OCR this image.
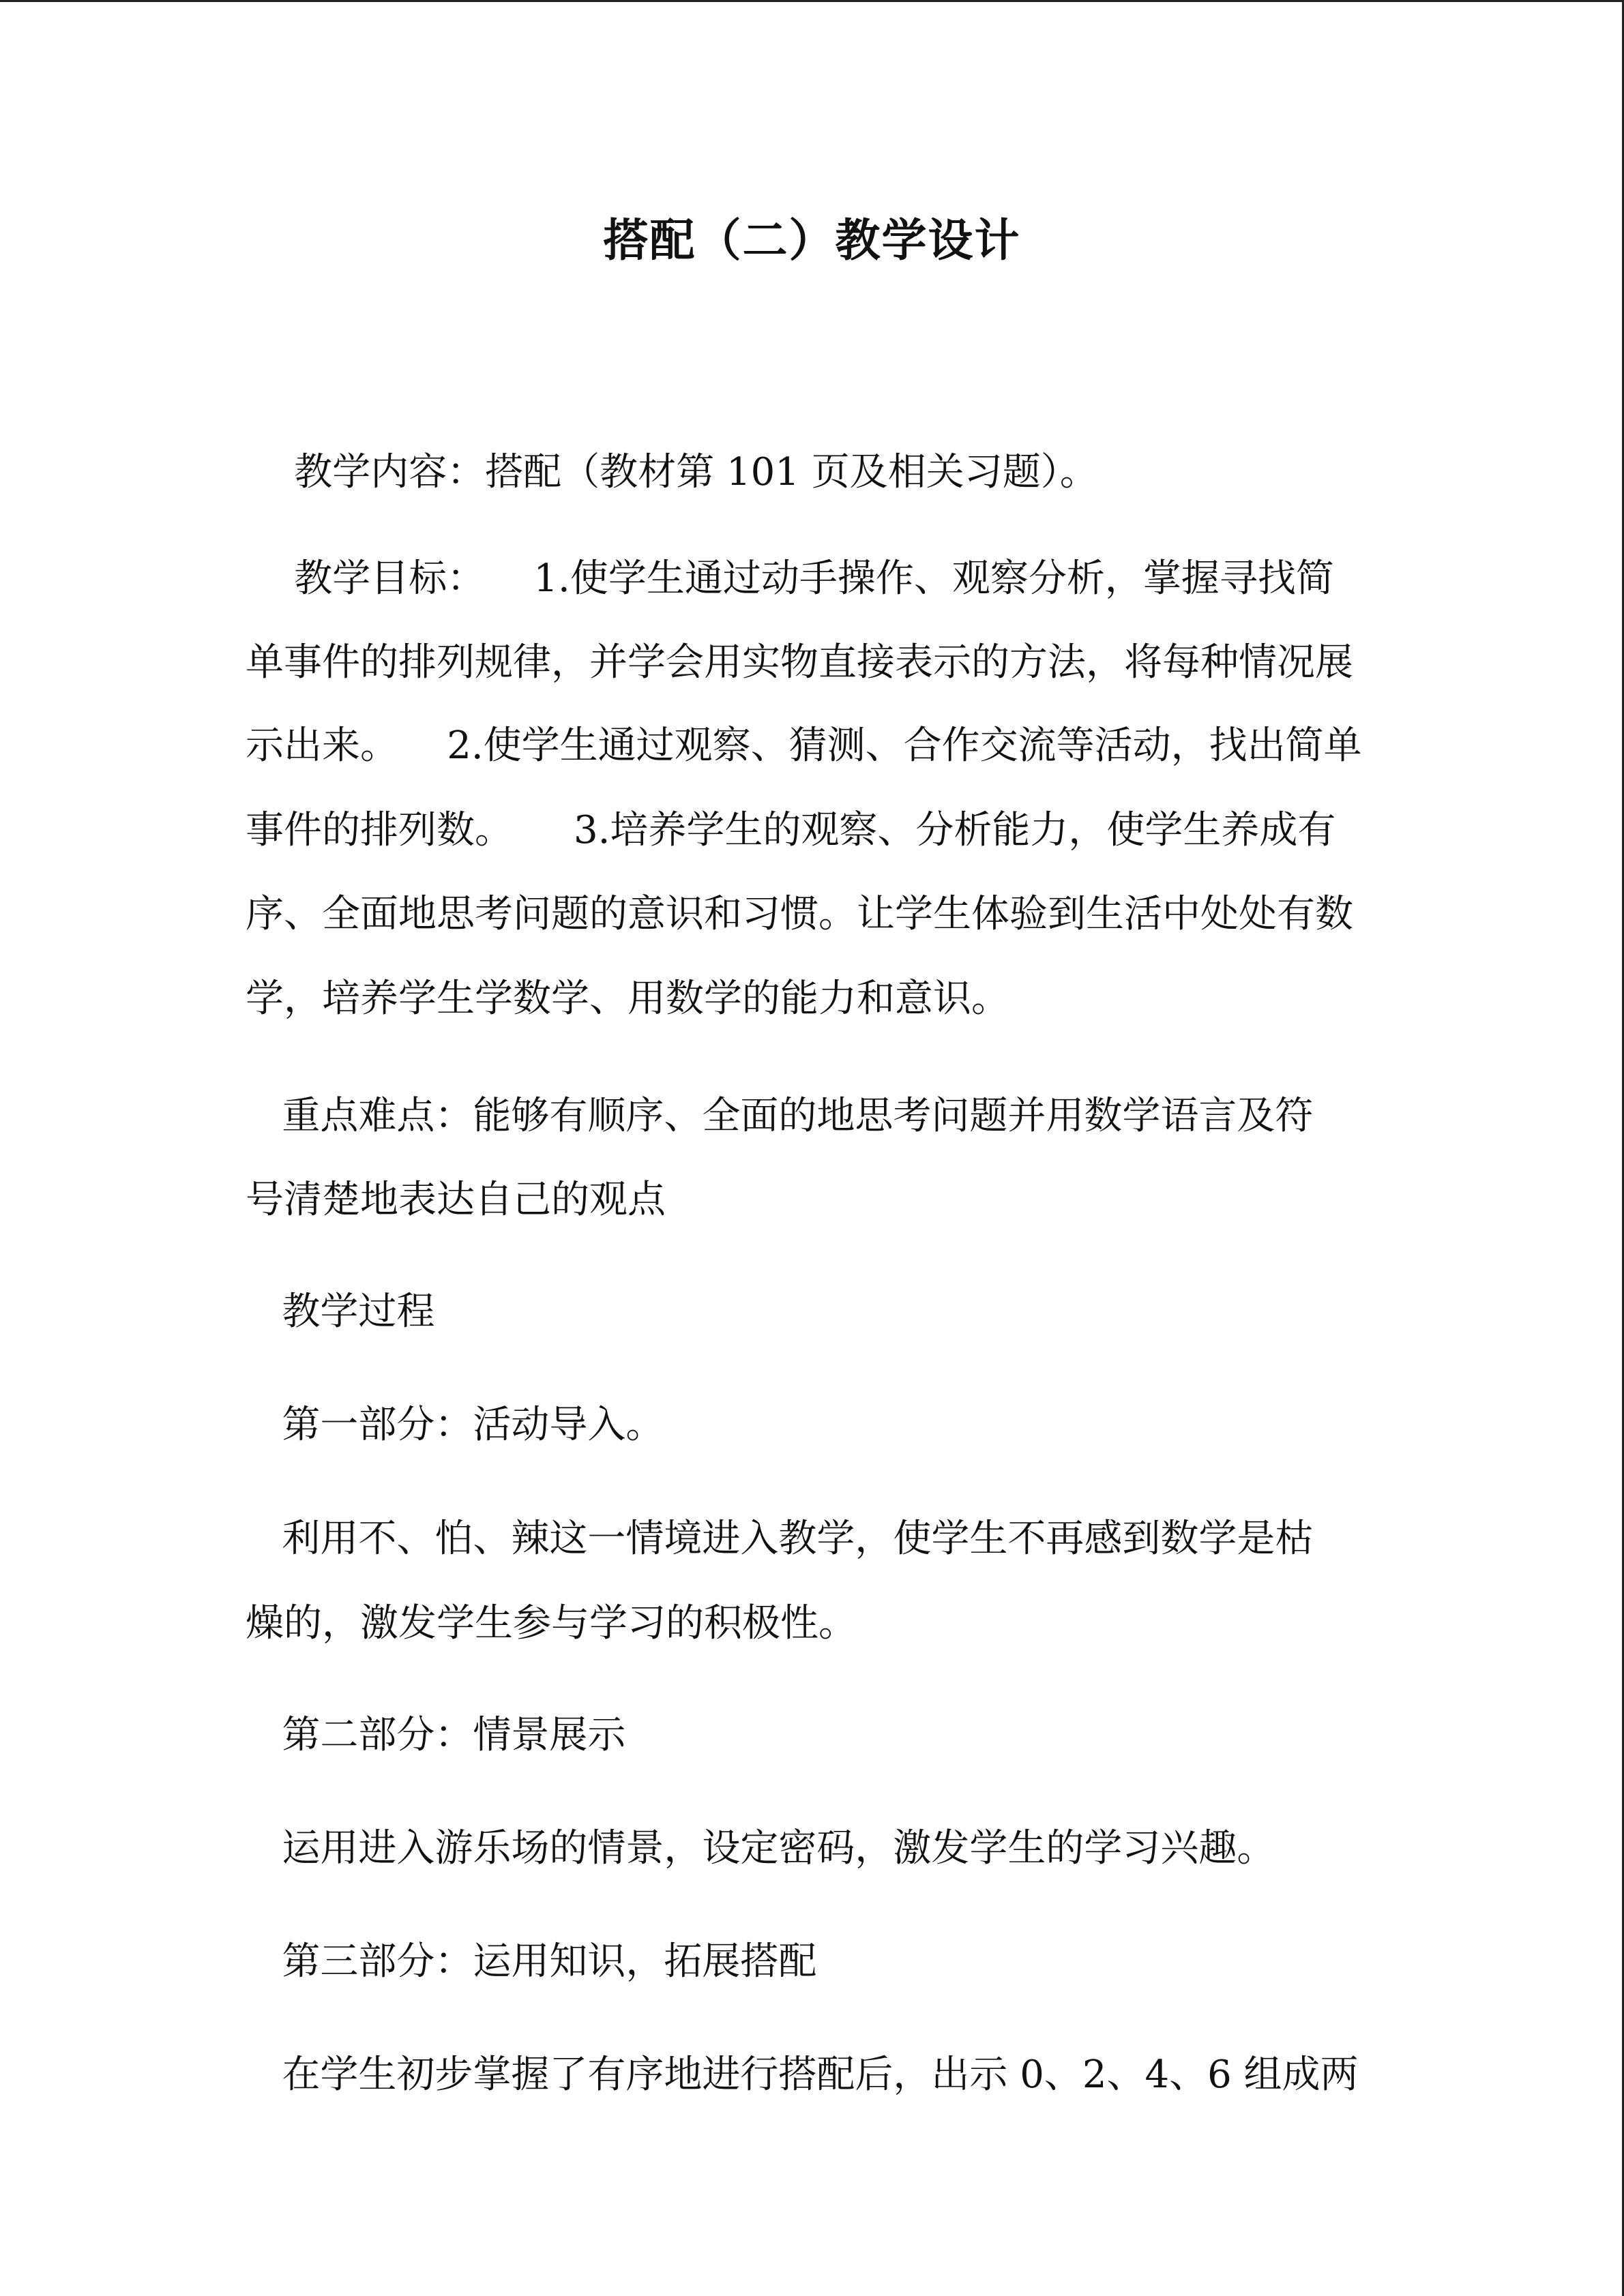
搭配（二）教学设计
教学内容：搭配（教材第 101 页及相关习题）。
教学目标：    1.使学生通过动手操作、观察分析，掌握寻找简
单事件的排列规律，并学会用实物直接表示的方法，将每种情况展
示出来。    2.使学生通过观察、猜测、合作交流等活动，找出简单
事件的排列数。     3.培养学生的观察、分析能力，使学生养成有
序、全面地思考问题的意识和习惯。让学生体验到生活中处处有数
学，培养学生学数学、用数学的能力和意识。
重点难点：能够有顺序、全面的地思考问题并用数学语言及符
号清楚地表达自己的观点
教学过程
第一部分：活动导入。
利用不、怕、辣这一情境进入教学，使学生不再感到数学是枯
燥的，激发学生参与学习的积极性。
第二部分：情景展示
运用进入游乐场的情景，设定密码，激发学生的学习兴趣。
第三部分：运用知识，拓展搭配
在学生初步掌握了有序地进行搭配后，出示 0、2、4、6 组成两
